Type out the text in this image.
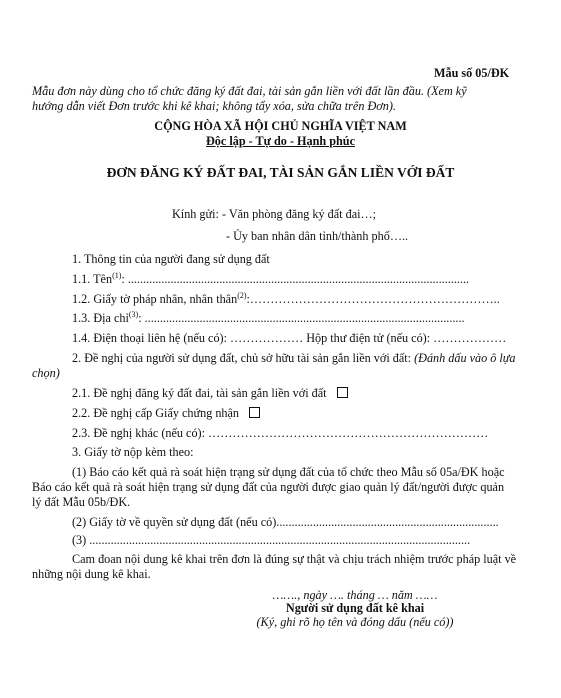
Mẫu số 05/ĐK
Mẫu đơn này dùng cho tổ chức đăng ký đất đai, tài sản gắn liền với đất lần đầu. (Xem kỹ
hướng dẫn viết Đơn trước khi kê khai; không tẩy xóa, sửa chữa trên Đơn).
CỘNG HÒA XÃ HỘI CHỦ NGHĨA VIỆT NAM
Độc lập - Tự do - Hạnh phúc
ĐƠN ĐĂNG KÝ ĐẤT ĐAI, TÀI SẢN GẮN LIỀN VỚI ĐẤT
Kính gửi: - Văn phòng đăng ký đất đai…;
- Ủy ban nhân dân tỉnh/thành phố…..
1. Thông tin của người đang sử dụng đất
1.1. Tên$^{(1)}$: ................................................................................................................
1.2. Giấy tờ pháp nhân, nhân thân$^{(2)}$:……………………………………………………..
1.3. Địa chỉ$^{(3)}$: .........................................................................................................
1.4. Điện thoại liên hệ (nếu có): ……………… Hộp thư điện tử (nếu có): ………………
2. Đề nghị của người sử dụng đất, chủ sở hữu tài sản gắn liền với đất: (Đánh dấu vào ô lựa
chọn)
2.1. Đề nghị đăng ký đất đai, tài sản gắn liền với đất
2.2. Đề nghị cấp Giấy chứng nhận
2.3. Đề nghị khác (nếu có): ……………………………………………………………
3. Giấy tờ nộp kèm theo:
(1) Báo cáo kết quả rà soát hiện trạng sử dụng đất của tổ chức theo Mẫu số 05a/ĐK hoặc
Báo cáo kết quả rà soát hiện trạng sử dụng đất của người được giao quản lý đất/người được quản
lý đất Mẫu 05b/ĐK.
(2) Giấy tờ về quyền sử dụng đất (nếu có).........................................................................
(3) .............................................................................................................................
Cam đoan nội dung kê khai trên đơn là đúng sự thật và chịu trách nhiệm trước pháp luật về
những nội dung kê khai.
……., ngày …. tháng … năm ……
Người sử dụng đất kê khai
(Ký, ghi rõ họ tên và đóng dấu (nếu có))
